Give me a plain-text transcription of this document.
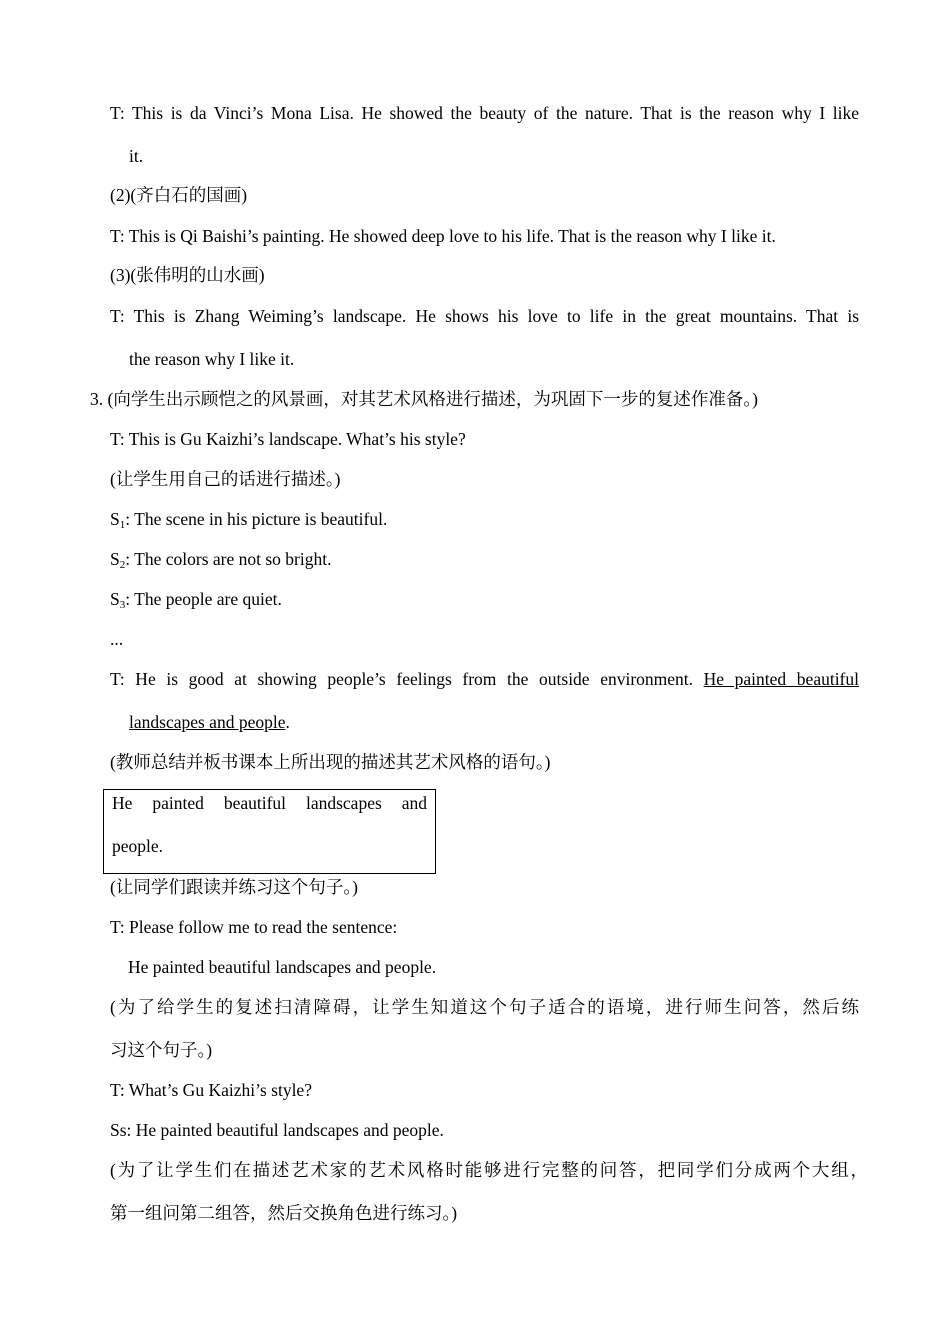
T: This is da Vinci’s Mona Lisa. He showed the beauty of the nature. That is the reason why I like
it.
(2)(齐白石的国画)
T: This is Qi Baishi’s painting. He showed deep love to his life. That is the reason why I like it.
(3)(张伟明的山水画)
T: This is Zhang Weiming’s landscape. He shows his love to life in the great mountains. That is
the reason why I like it.
3. (向学生出示顾恺之的风景画，对其艺术风格进行描述，为巩固下一步的复述作准备。)
T: This is Gu Kaizhi’s landscape. What’s his style?
(让学生用自己的话进行描述。)
$S_1$: The scene in his picture is beautiful.
$S_2$: The colors are not so bright.
$S_3$: The people are quiet.
...
T: He is good at showing people’s feelings from the outside environment. He painted beautiful
landscapes and people.
(教师总结并板书课本上所出现的描述其艺术风格的语句。)
He painted beautiful landscapes and
people.
(让同学们跟读并练习这个句子。)
T: Please follow me to read the sentence:
He painted beautiful landscapes and people.
(为了给学生的复述扫清障碍，让学生知道这个句子适合的语境，进行师生问答，然后练
习这个句子。)
T: What’s Gu Kaizhi’s style?
Ss: He painted beautiful landscapes and people.
(为了让学生们在描述艺术家的艺术风格时能够进行完整的问答，把同学们分成两个大组，
第一组问第二组答，然后交换角色进行练习。)
